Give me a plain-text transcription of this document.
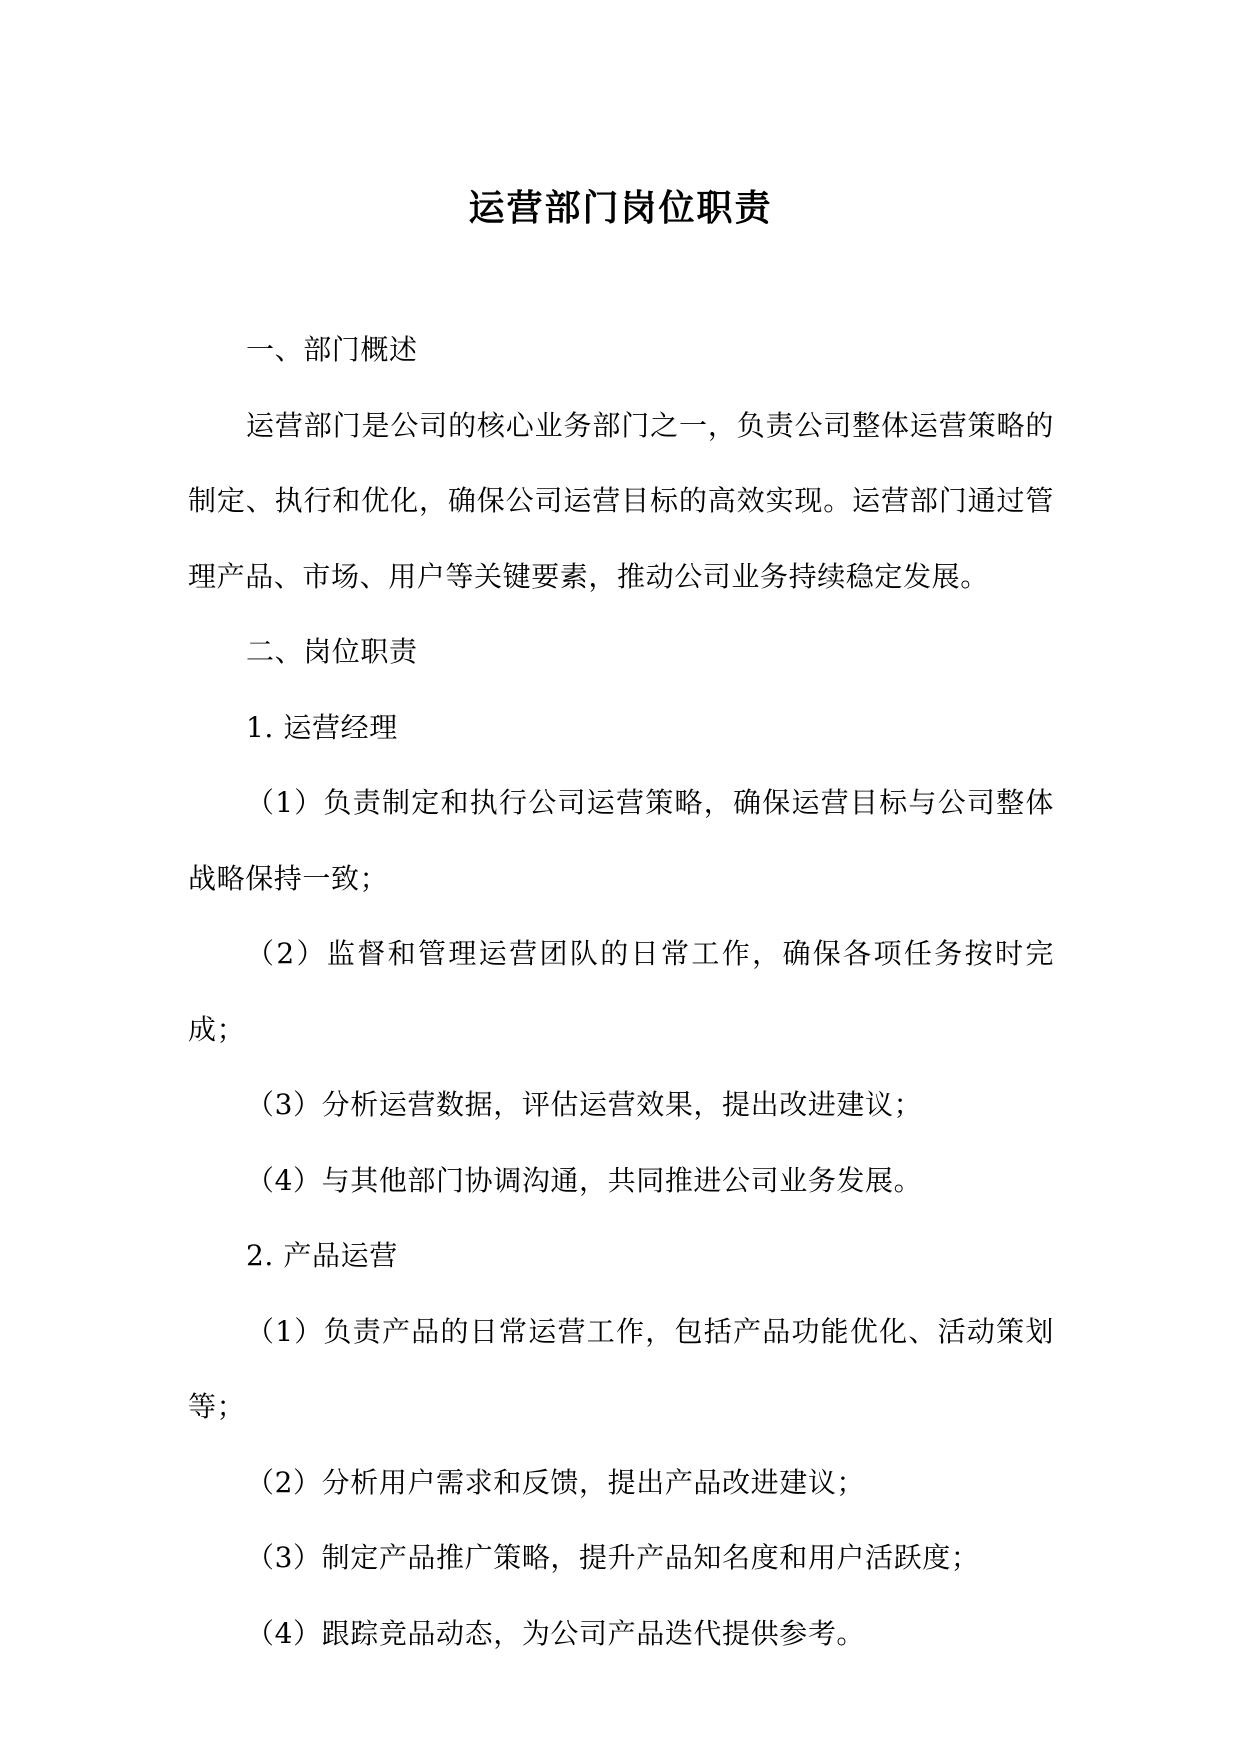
运营部门岗位职责

一、部门概述

运营部门是公司的核心业务部门之一，负责公司整体运营策略的制定、执行和优化，确保公司运营目标的高效实现。运营部门通过管理产品、市场、用户等关键要素，推动公司业务持续稳定发展。

二、岗位职责

1. 运营经理

（1）负责制定和执行公司运营策略，确保运营目标与公司整体战略保持一致；

（2）监督和管理运营团队的日常工作，确保各项任务按时完成；

（3）分析运营数据，评估运营效果，提出改进建议；

（4）与其他部门协调沟通，共同推进公司业务发展。

2. 产品运营

（1）负责产品的日常运营工作，包括产品功能优化、活动策划等；

（2）分析用户需求和反馈，提出产品改进建议；

（3）制定产品推广策略，提升产品知名度和用户活跃度；

（4）跟踪竞品动态，为公司产品迭代提供参考。
